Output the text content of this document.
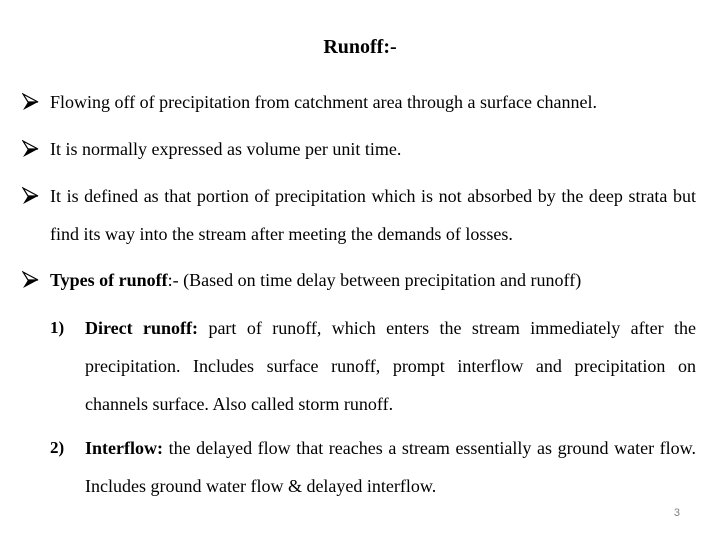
Runoff:-
Flowing off of precipitation from catchment area through a surface channel.
It is normally expressed as volume per unit time.
It is defined as that portion of precipitation which is not absorbed by the deep strata but find its way into the stream after meeting the demands of losses.
Types of runoff:- (Based on time delay between precipitation and runoff)
1) Direct runoff: part of runoff, which enters the stream immediately after the precipitation. Includes surface runoff, prompt interflow and precipitation on channels surface. Also called storm runoff.
2) Interflow: the delayed flow that reaches a stream essentially as ground water flow. Includes ground water flow & delayed interflow.
3
